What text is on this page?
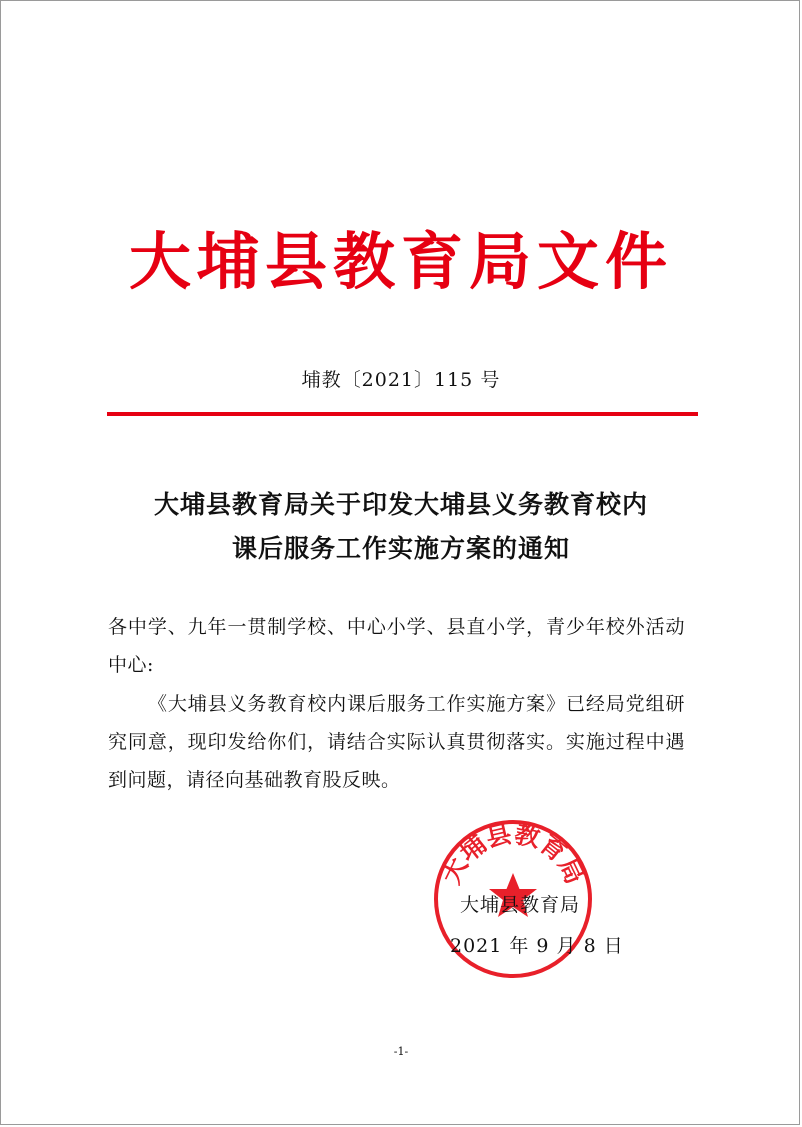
大埔县教育局文件
埔教〔2021〕115 号
大埔县教育局关于印发大埔县义务教育校内
课后服务工作实施方案的通知
各中学、九年一贯制学校、中心小学、县直小学，青少年校外活动中心:
《大埔县义务教育校内课后服务工作实施方案》已经局党组研究同意，现印发给你们，请结合实际认真贯彻落实。实施过程中遇到问题，请径向基础教育股反映。
大埔县教育局
大埔县教育局
2021 年 9 月 8 日
-1-
